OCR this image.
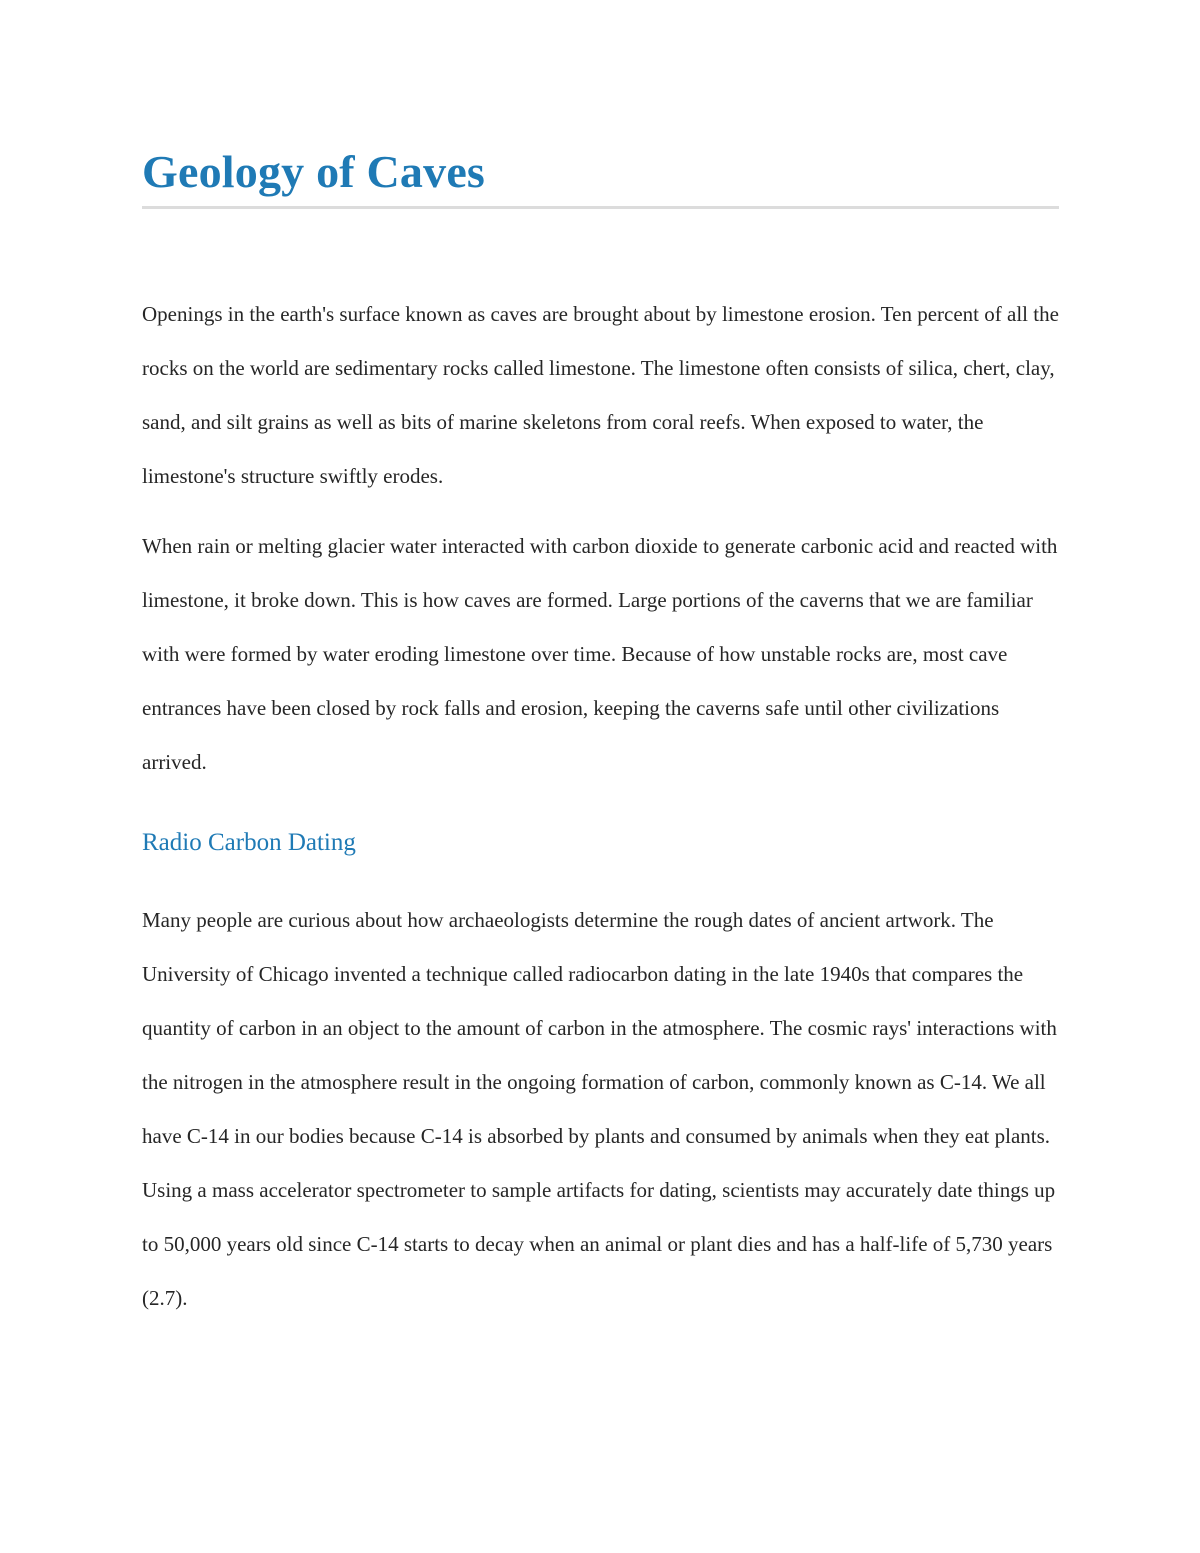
Geology of Caves

Openings in the earth's surface known as caves are brought about by limestone erosion. Ten percent of all the rocks on the world are sedimentary rocks called limestone. The limestone often consists of silica, chert, clay, sand, and silt grains as well as bits of marine skeletons from coral reefs. When exposed to water, the limestone's structure swiftly erodes.

When rain or melting glacier water interacted with carbon dioxide to generate carbonic acid and reacted with limestone, it broke down. This is how caves are formed. Large portions of the caverns that we are familiar with were formed by water eroding limestone over time. Because of how unstable rocks are, most cave entrances have been closed by rock falls and erosion, keeping the caverns safe until other civilizations arrived.

Radio Carbon Dating

Many people are curious about how archaeologists determine the rough dates of ancient artwork. The University of Chicago invented a technique called radiocarbon dating in the late 1940s that compares the quantity of carbon in an object to the amount of carbon in the atmosphere. The cosmic rays' interactions with the nitrogen in the atmosphere result in the ongoing formation of carbon, commonly known as C-14. We all have C-14 in our bodies because C-14 is absorbed by plants and consumed by animals when they eat plants. Using a mass accelerator spectrometer to sample artifacts for dating, scientists may accurately date things up to 50,000 years old since C-14 starts to decay when an animal or plant dies and has a half-life of 5,730 years (2.7).
